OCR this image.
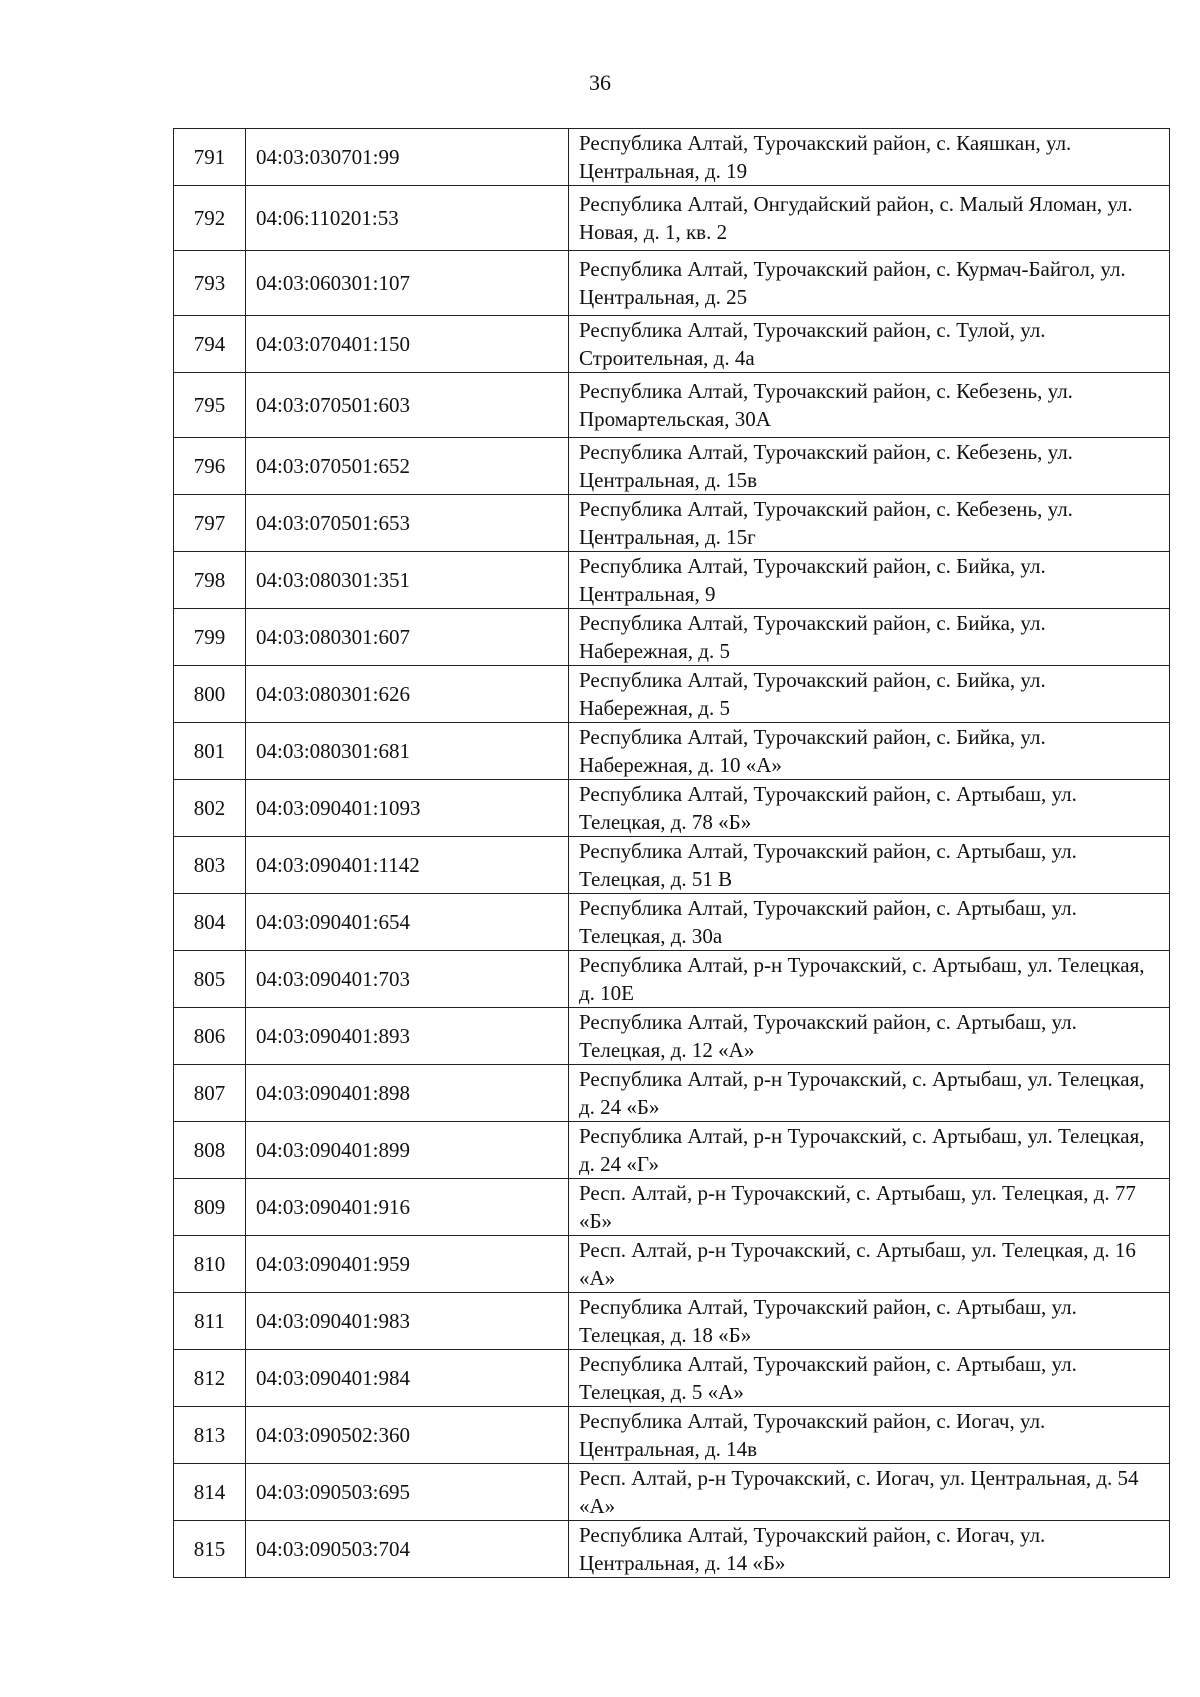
36
791	04:03:030701:99	Республика Алтай, Турочакский район, с. Каяшкан, ул. Центральная, д. 19
792	04:06:110201:53	Республика Алтай, Онгудайский район, с. Малый Яломан, ул. Новая, д. 1, кв. 2
793	04:03:060301:107	Республика Алтай, Турочакский район, с. Курмач-Байгол, ул. Центральная, д. 25
794	04:03:070401:150	Республика Алтай, Турочакский район, с. Тулой, ул. Строительная, д. 4а
795	04:03:070501:603	Республика Алтай, Турочакский район, с. Кебезень, ул. Промартельская, 30А
796	04:03:070501:652	Республика Алтай, Турочакский район, с. Кебезень, ул. Центральная, д. 15в
797	04:03:070501:653	Республика Алтай, Турочакский район, с. Кебезень, ул. Центральная, д. 15г
798	04:03:080301:351	Республика Алтай, Турочакский район, с. Бийка, ул. Центральная, 9
799	04:03:080301:607	Республика Алтай, Турочакский район, с. Бийка, ул. Набережная, д. 5
800	04:03:080301:626	Республика Алтай, Турочакский район, с. Бийка, ул. Набережная, д. 5
801	04:03:080301:681	Республика Алтай, Турочакский район, с. Бийка, ул. Набережная, д. 10 «А»
802	04:03:090401:1093	Республика Алтай, Турочакский район, с. Артыбаш, ул. Телецкая, д. 78 «Б»
803	04:03:090401:1142	Республика Алтай, Турочакский район, с. Артыбаш, ул. Телецкая, д. 51 В
804	04:03:090401:654	Республика Алтай, Турочакский район, с. Артыбаш, ул. Телецкая, д. 30а
805	04:03:090401:703	Республика Алтай, р-н Турочакский, с. Артыбаш, ул. Телецкая, д. 10Е
806	04:03:090401:893	Республика Алтай, Турочакский район, с. Артыбаш, ул. Телецкая, д. 12 «А»
807	04:03:090401:898	Республика Алтай, р-н Турочакский, с. Артыбаш, ул. Телецкая, д. 24 «Б»
808	04:03:090401:899	Республика Алтай, р-н Турочакский, с. Артыбаш, ул. Телецкая, д. 24 «Г»
809	04:03:090401:916	Респ. Алтай, р-н Турочакский, с. Артыбаш, ул. Телецкая, д. 77 «Б»
810	04:03:090401:959	Респ. Алтай, р-н Турочакский, с. Артыбаш, ул. Телецкая, д. 16 «А»
811	04:03:090401:983	Республика Алтай, Турочакский район, с. Артыбаш, ул. Телецкая, д. 18 «Б»
812	04:03:090401:984	Республика Алтай, Турочакский район, с. Артыбаш, ул. Телецкая, д. 5 «А»
813	04:03:090502:360	Республика Алтай, Турочакский район, с. Иогач, ул. Центральная, д. 14в
814	04:03:090503:695	Респ. Алтай, р-н Турочакский, с. Иогач, ул. Центральная, д. 54 «А»
815	04:03:090503:704	Республика Алтай, Турочакский район, с. Иогач, ул. Центральная, д. 14 «Б»
